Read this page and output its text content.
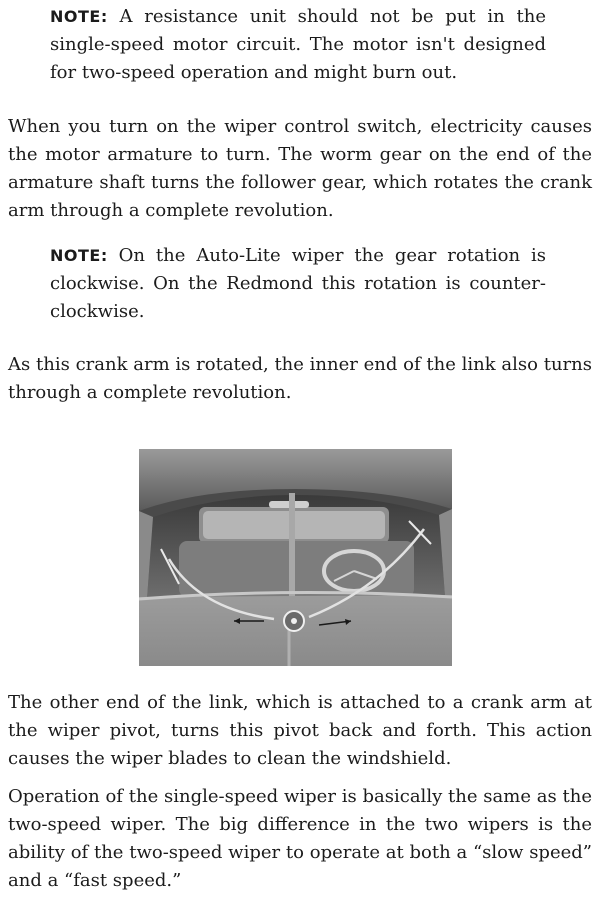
NOTE: A resistance unit should not be put in the single-speed motor circuit. The motor isn't designed for two-speed operation and might burn out.

When you turn on the wiper control switch, electricity causes the motor armature to turn. The worm gear on the end of the armature shaft turns the follower gear, which rotates the crank arm through a complete revolution.

NOTE: On the Auto-Lite wiper the gear rotation is clockwise. On the Redmond this rotation is counter-clockwise.

As this crank arm is rotated, the inner end of the link also turns through a complete revolution.

The other end of the link, which is attached to a crank arm at the wiper pivot, turns this pivot back and forth. This action causes the wiper blades to clean the windshield.

Operation of the single-speed wiper is basically the same as the two-speed wiper. The big difference in the two wipers is the ability of the two-speed wiper to operate at both a “slow speed” and a “fast speed.”
